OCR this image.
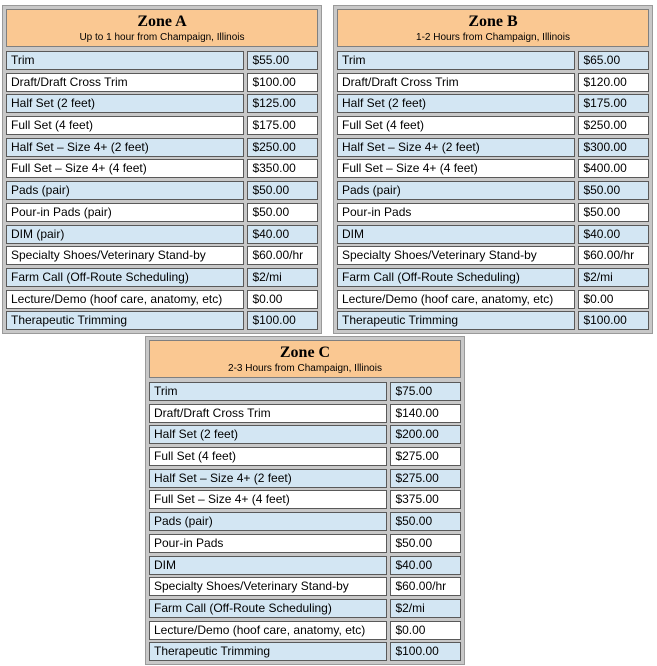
Zone A
Up to 1 hour from Champaign, Illinois
Trim	$55.00
Draft/Draft Cross Trim	$100.00
Half Set (2 feet)	$125.00
Full Set (4 feet)	$175.00
Half Set – Size 4+ (2 feet)	$250.00
Full Set – Size 4+ (4 feet)	$350.00
Pads (pair)	$50.00
Pour-in Pads (pair)	$50.00
DIM (pair)	$40.00
Specialty Shoes/Veterinary Stand-by	$60.00/hr
Farm Call (Off-Route Scheduling)	$2/mi
Lecture/Demo (hoof care, anatomy, etc)	$0.00
Therapeutic Trimming	$100.00
Zone B
1-2 Hours from Champaign, Illinois
Trim	$65.00
Draft/Draft Cross Trim	$120.00
Half Set (2 feet)	$175.00
Full Set (4 feet)	$250.00
Half Set – Size 4+ (2 feet)	$300.00
Full Set – Size 4+ (4 feet)	$400.00
Pads (pair)	$50.00
Pour-in Pads	$50.00
DIM	$40.00
Specialty Shoes/Veterinary Stand-by	$60.00/hr
Farm Call (Off-Route Scheduling)	$2/mi
Lecture/Demo (hoof care, anatomy, etc)	$0.00
Therapeutic Trimming	$100.00
Zone C
2-3 Hours from Champaign, Illinois
Trim	$75.00
Draft/Draft Cross Trim	$140.00
Half Set (2 feet)	$200.00
Full Set (4 feet)	$275.00
Half Set – Size 4+ (2 feet)	$275.00
Full Set – Size 4+ (4 feet)	$375.00
Pads (pair)	$50.00
Pour-in Pads	$50.00
DIM	$40.00
Specialty Shoes/Veterinary Stand-by	$60.00/hr
Farm Call (Off-Route Scheduling)	$2/mi
Lecture/Demo (hoof care, anatomy, etc)	$0.00
Therapeutic Trimming	$100.00
